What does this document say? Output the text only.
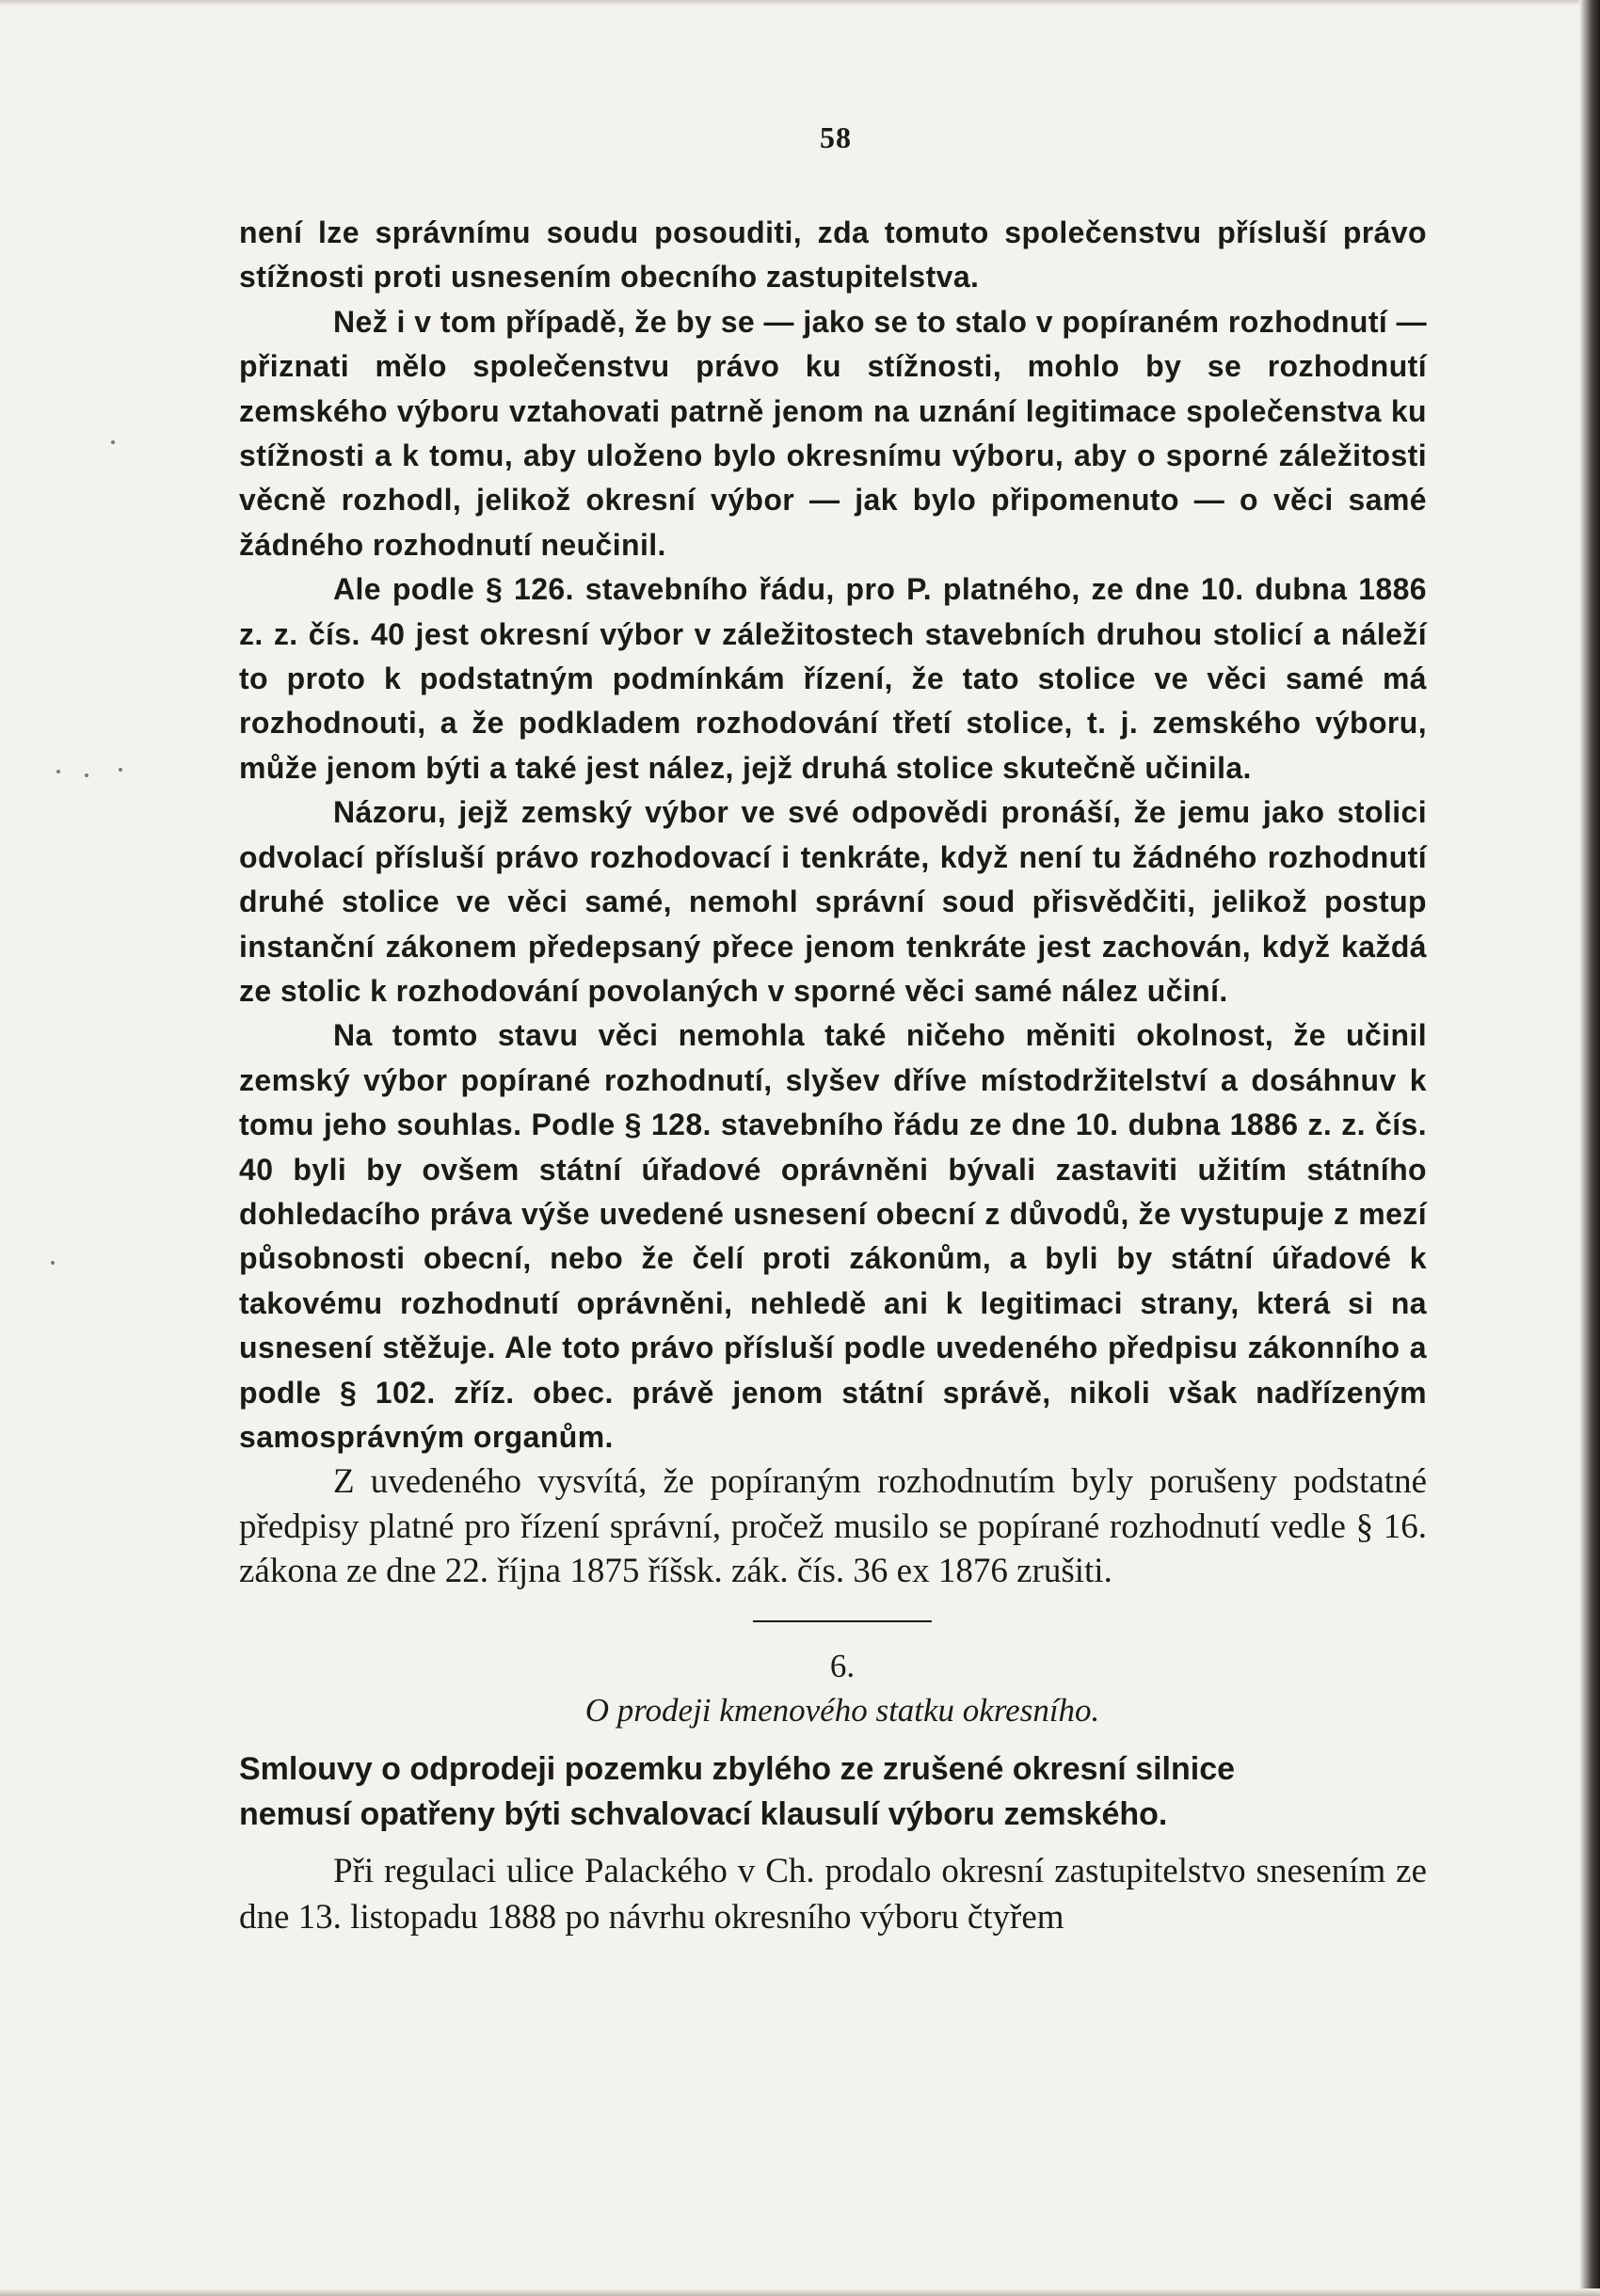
58

není lze správnímu soudu posouditi, zda tomuto společenstvu přísluší právo stížnosti proti usnesením obecního zastupitelstva.

Než i v tom případě, že by se — jako se to stalo v popíraném rozhodnutí — přiznati mělo společenstvu právo ku stížnosti, mohlo by se rozhodnutí zemského výboru vztahovati patrně jenom na uznání legitimace společenstva ku stížnosti a k tomu, aby uloženo bylo okresnímu výboru, aby o sporné záležitosti věcně rozhodl, jelikož okresní výbor — jak bylo připomenuto — o věci samé žádného rozhodnutí neučinil.

Ale podle § 126. stavebního řádu, pro P. platného, ze dne 10. dubna 1886 z. z. čís. 40 jest okresní výbor v záležitostech stavebních druhou stolicí a náleží to proto k podstatným podmínkám řízení, že tato stolice ve věci samé má rozhodnouti, a že podkladem rozhodování třetí stolice, t. j. zemského výboru, může jenom býti a také jest nález, jejž druhá stolice skutečně učinila.

Názoru, jejž zemský výbor ve své odpovědi pronáší, že jemu jako stolici odvolací přísluší právo rozhodovací i tenkráte, když není tu žádného rozhodnutí druhé stolice ve věci samé, nemohl správní soud přisvědčiti, jelikož postup instanční zákonem předepsaný přece jenom tenkráte jest zachován, když každá ze stolic k rozhodování povolaných v sporné věci samé nález učiní.

Na tomto stavu věci nemohla také ničeho měniti okolnost, že učinil zemský výbor popírané rozhodnutí, slyšev dříve místodržitelství a dosáhnuv k tomu jeho souhlas. Podle § 128. stavebního řádu ze dne 10. dubna 1886 z. z. čís. 40 byli by ovšem státní úřadové oprávněni bývali zastaviti užitím státního dohledacího práva výše uvedené usnesení obecní z důvodů, že vystupuje z mezí působnosti obecní, nebo že čelí proti zákonům, a byli by státní úřadové k takovému rozhodnutí oprávněni, nehledě ani k legitimaci strany, která si na usnesení stěžuje. Ale toto právo přísluší podle uvedeného předpisu zákonního a podle § 102. zříz. obec. právě jenom státní správě, nikoli však nadřízeným samosprávným organům.

Z uvedeného vysvítá, že popíraným rozhodnutím byly porušeny podstatné předpisy platné pro řízení správní, pročež musilo se popírané rozhodnutí vedle § 16. zákona ze dne 22. října 1875 říšsk. zák. čís. 36 ex 1876 zrušiti.

6.

O prodeji kmenového statku okresního.

Smlouvy o odprodeji pozemku zbylého ze zrušené okresní silnice
nemusí opatřeny býti schvalovací klausulí výboru zemského.

Při regulaci ulice Palackého v Ch. prodalo okresní zastupitelstvo snesením ze dne 13. listopadu 1888 po návrhu okresního výboru čtyřem
